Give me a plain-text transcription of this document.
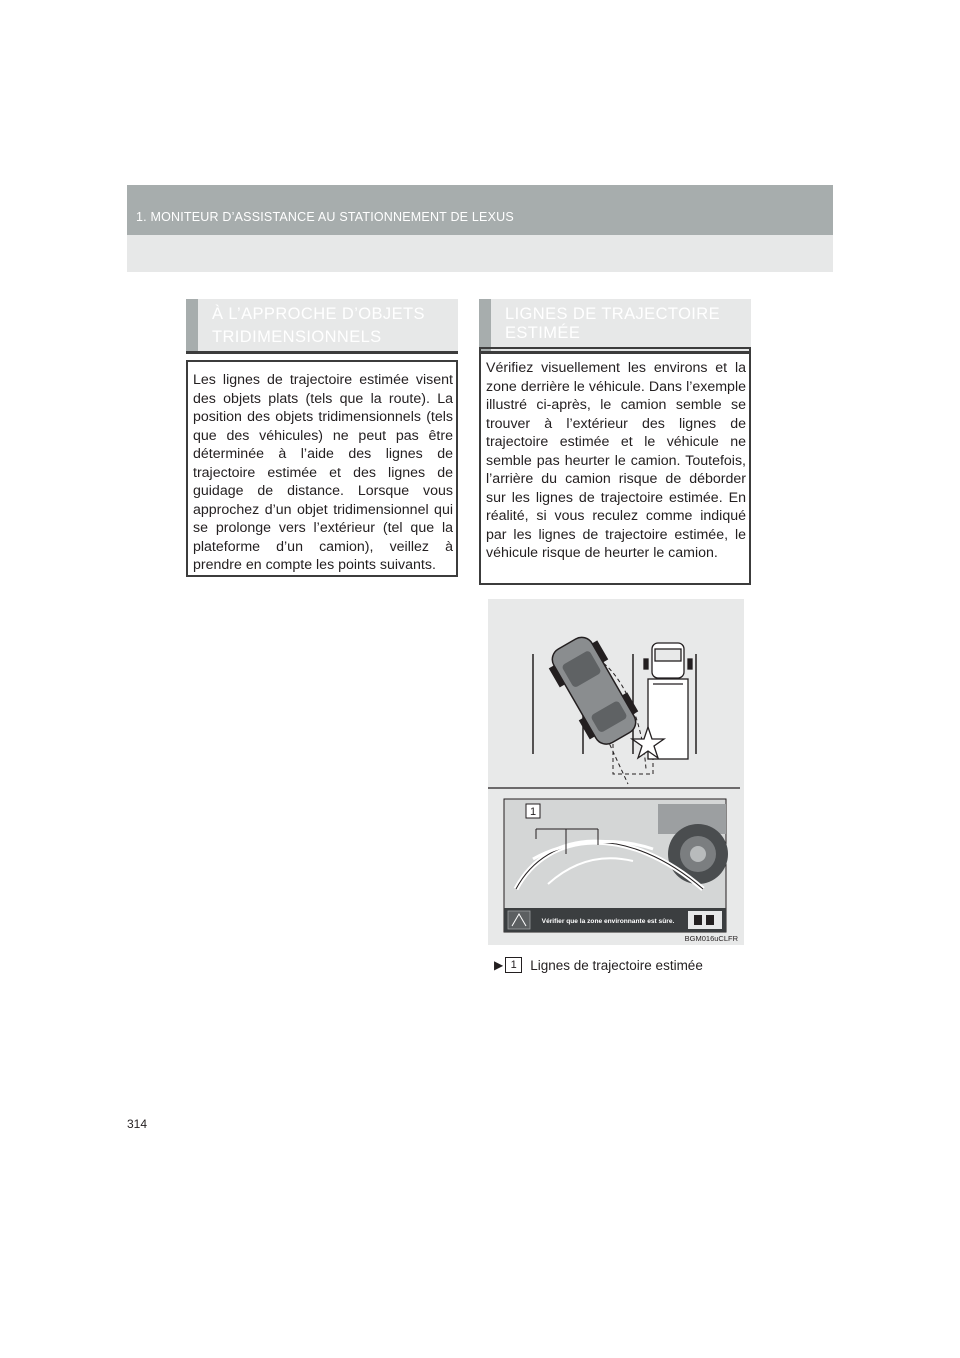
1. MONITEUR D’ASSISTANCE AU STATIONNEMENT DE LEXUS
À L’APPROCHE D’OBJETS
TRIDIMENSIONNELS
Les lignes de trajectoire estimée visent des objets plats (tels que la route). La position des objets tridimensionnels (tels que des véhicules) ne peut pas être déterminée à l’aide des lignes de trajectoire estimée et des lignes de guidage de distance. Lorsque vous approchez d’un objet tridimensionnel qui se prolonge vers l’extérieur (tel que la plateforme d’un camion), veillez à prendre en compte les points suivants.
LIGNES DE TRAJECTOIRE
ESTIMÉE
Vérifiez visuellement les environs et la zone derrière le véhicule. Dans l’exemple illustré ci-après, le camion semble se trouver à l’extérieur des lignes de trajectoire estimée et le véhicule ne semble pas heurter le camion. Toutefois, l’arrière du camion risque de déborder sur les lignes de trajectoire estimée. En réalité, si vous reculez comme indiqué par les lignes de trajectoire estimée, le véhicule risque de heurter le camion.
1
Vérifier que la zone environnante est sûre.
BGM016uCLFR
▶ 1 Lignes de trajectoire estimée
314
